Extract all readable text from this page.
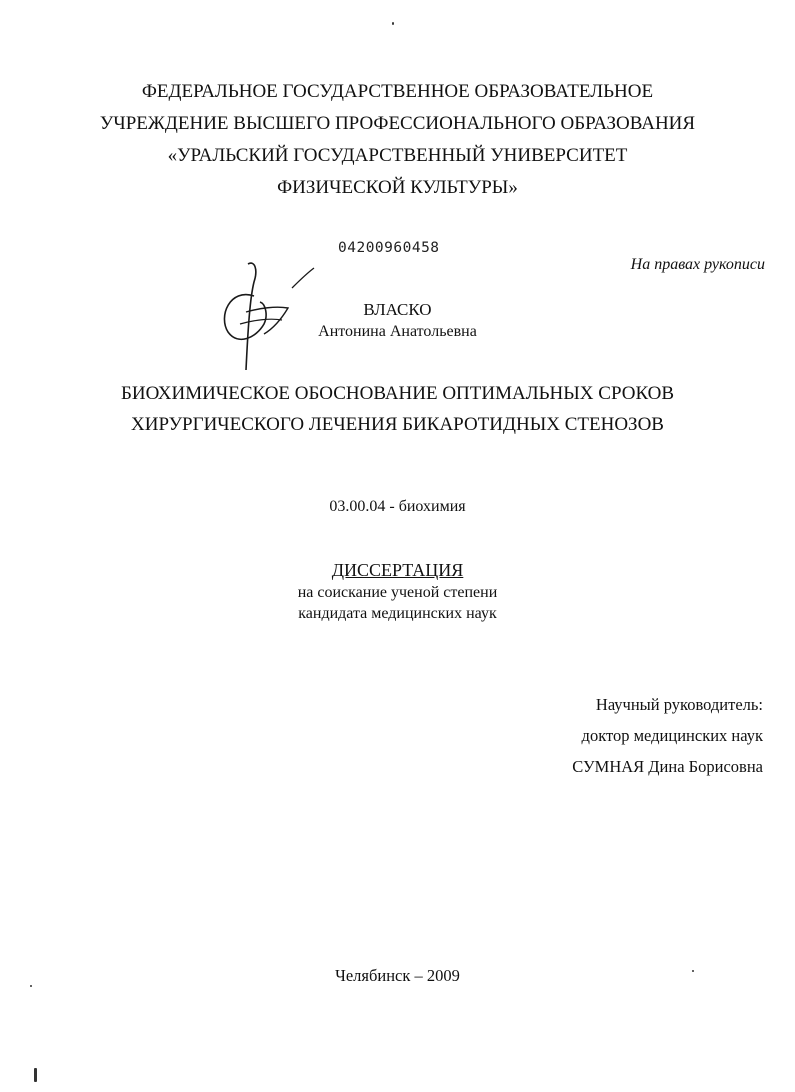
ФЕДЕРАЛЬНОЕ ГОСУДАРСТВЕННОЕ ОБРАЗОВАТЕЛЬНОЕ
УЧРЕЖДЕНИЕ ВЫСШЕГО ПРОФЕССИОНАЛЬНОГО ОБРАЗОВАНИЯ
«УРАЛЬСКИЙ ГОСУДАРСТВЕННЫЙ УНИВЕРСИТЕТ
ФИЗИЧЕСКОЙ КУЛЬТУРЫ»
04200960458
На правах рукописи
ВЛАСКО
Антонина Анатольевна
БИОХИМИЧЕСКОЕ ОБОСНОВАНИЕ ОПТИМАЛЬНЫХ СРОКОВ
ХИРУРГИЧЕСКОГО ЛЕЧЕНИЯ БИКАРОТИДНЫХ СТЕНОЗОВ
03.00.04 - биохимия
ДИССЕРТАЦИЯ
на соискание ученой степени
кандидата медицинских наук
Научный руководитель:
доктор медицинских наук
СУМНАЯ Дина Борисовна
Челябинск – 2009
